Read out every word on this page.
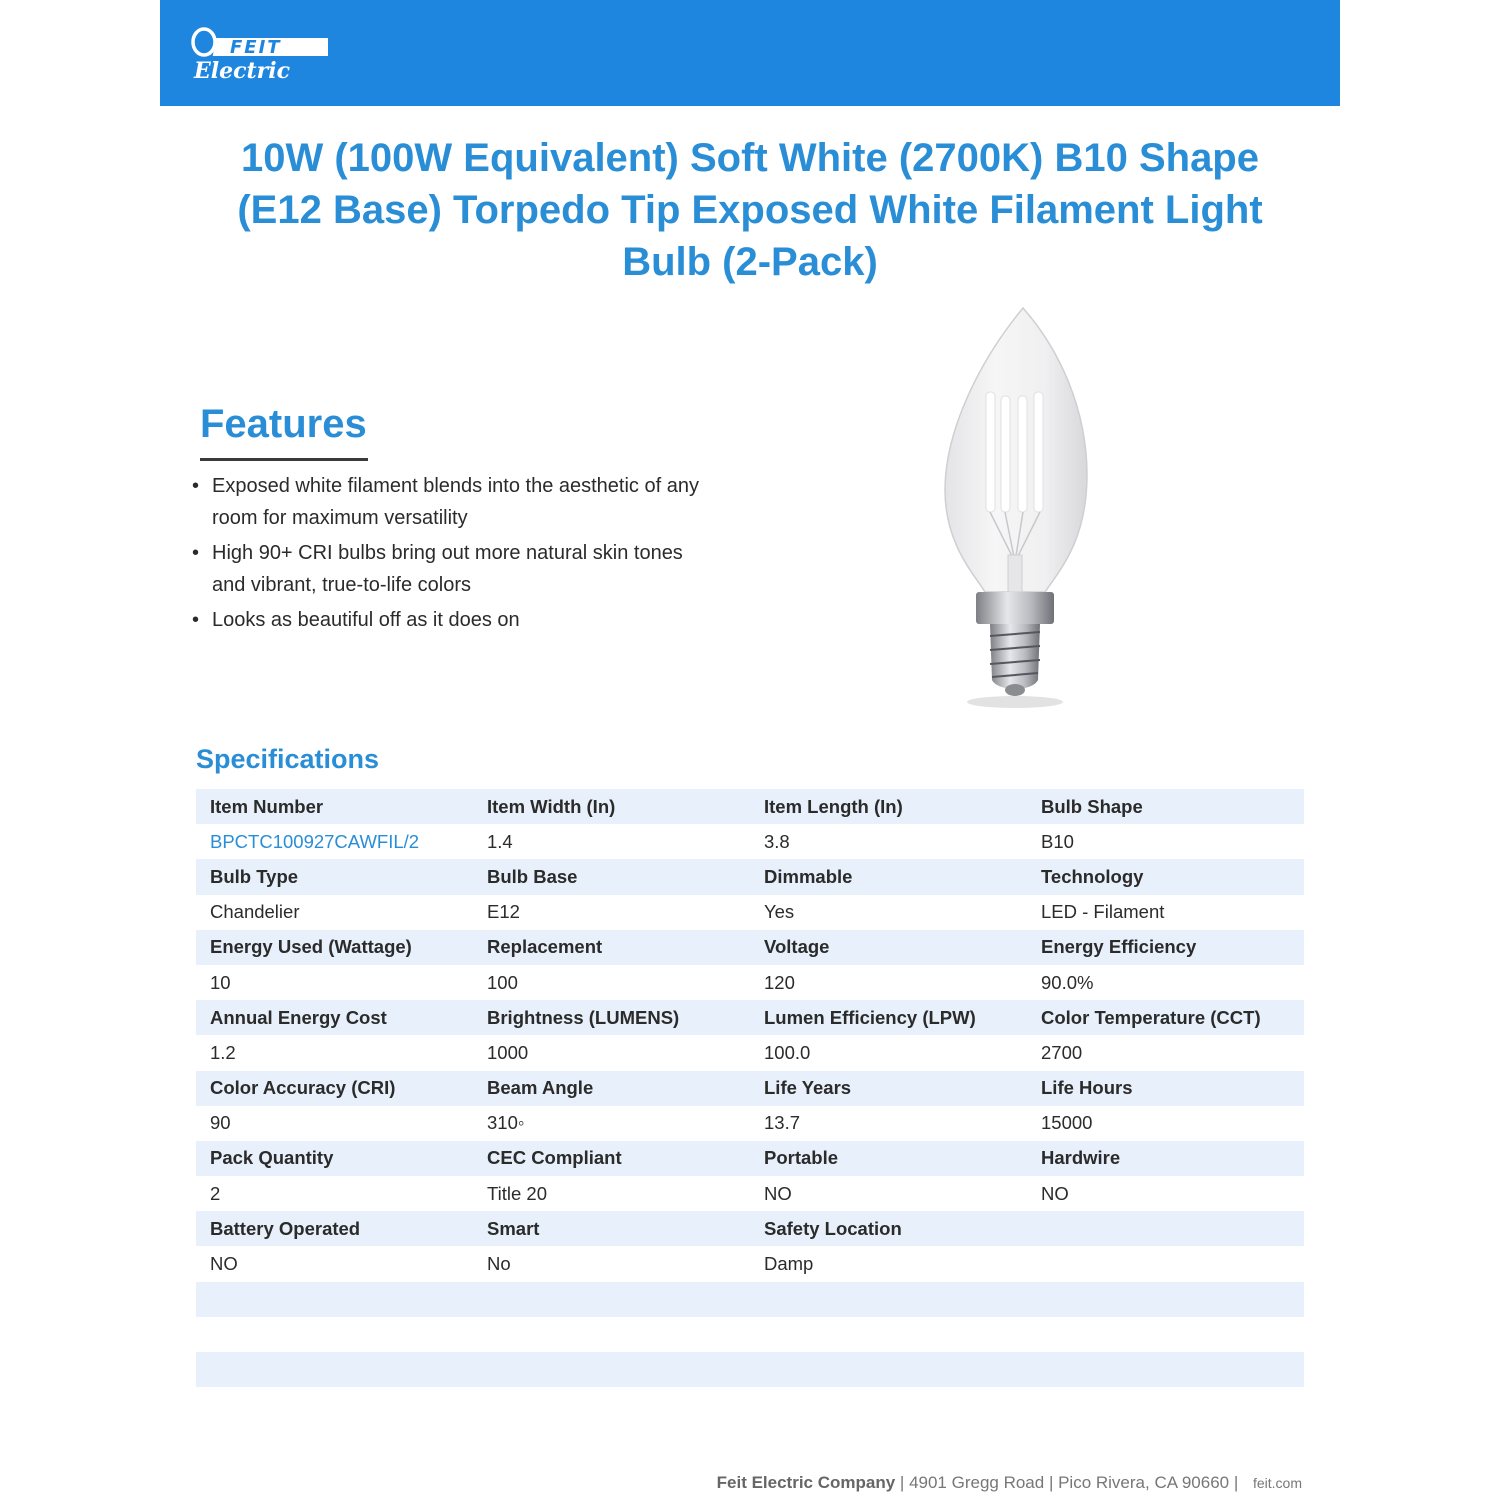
FEIT
Electric
10W (100W Equivalent) Soft White (2700K) B10 Shape (E12 Base) Torpedo Tip Exposed White Filament Light Bulb (2-Pack)
Features
• Exposed white filament blends into the aesthetic of any room for maximum versatility
• High 90+ CRI bulbs bring out more natural skin tones and vibrant, true-to-life colors
• Looks as beautiful off as it does on
Specifications
Item Number	Item Width (In)	Item Length (In)	Bulb Shape
BPCTC100927CAWFIL/2	1.4	3.8	B10
Bulb Type	Bulb Base	Dimmable	Technology
Chandelier	E12	Yes	LED - Filament
Energy Used (Wattage)	Replacement	Voltage	Energy Efficiency
10	100	120	90.0%
Annual Energy Cost	Brightness (LUMENS)	Lumen Efficiency (LPW)	Color Temperature (CCT)
1.2	1000	100.0	2700
Color Accuracy (CRI)	Beam Angle	Life Years	Life Hours
90	310◦	13.7	15000
Pack Quantity	CEC Compliant	Portable	Hardwire
2	Title 20	NO	NO
Battery Operated	Smart	Safety Location
NO	No	Damp
Feit Electric Company | 4901 Gregg Road | Pico Rivera, CA 90660 | feit.com
